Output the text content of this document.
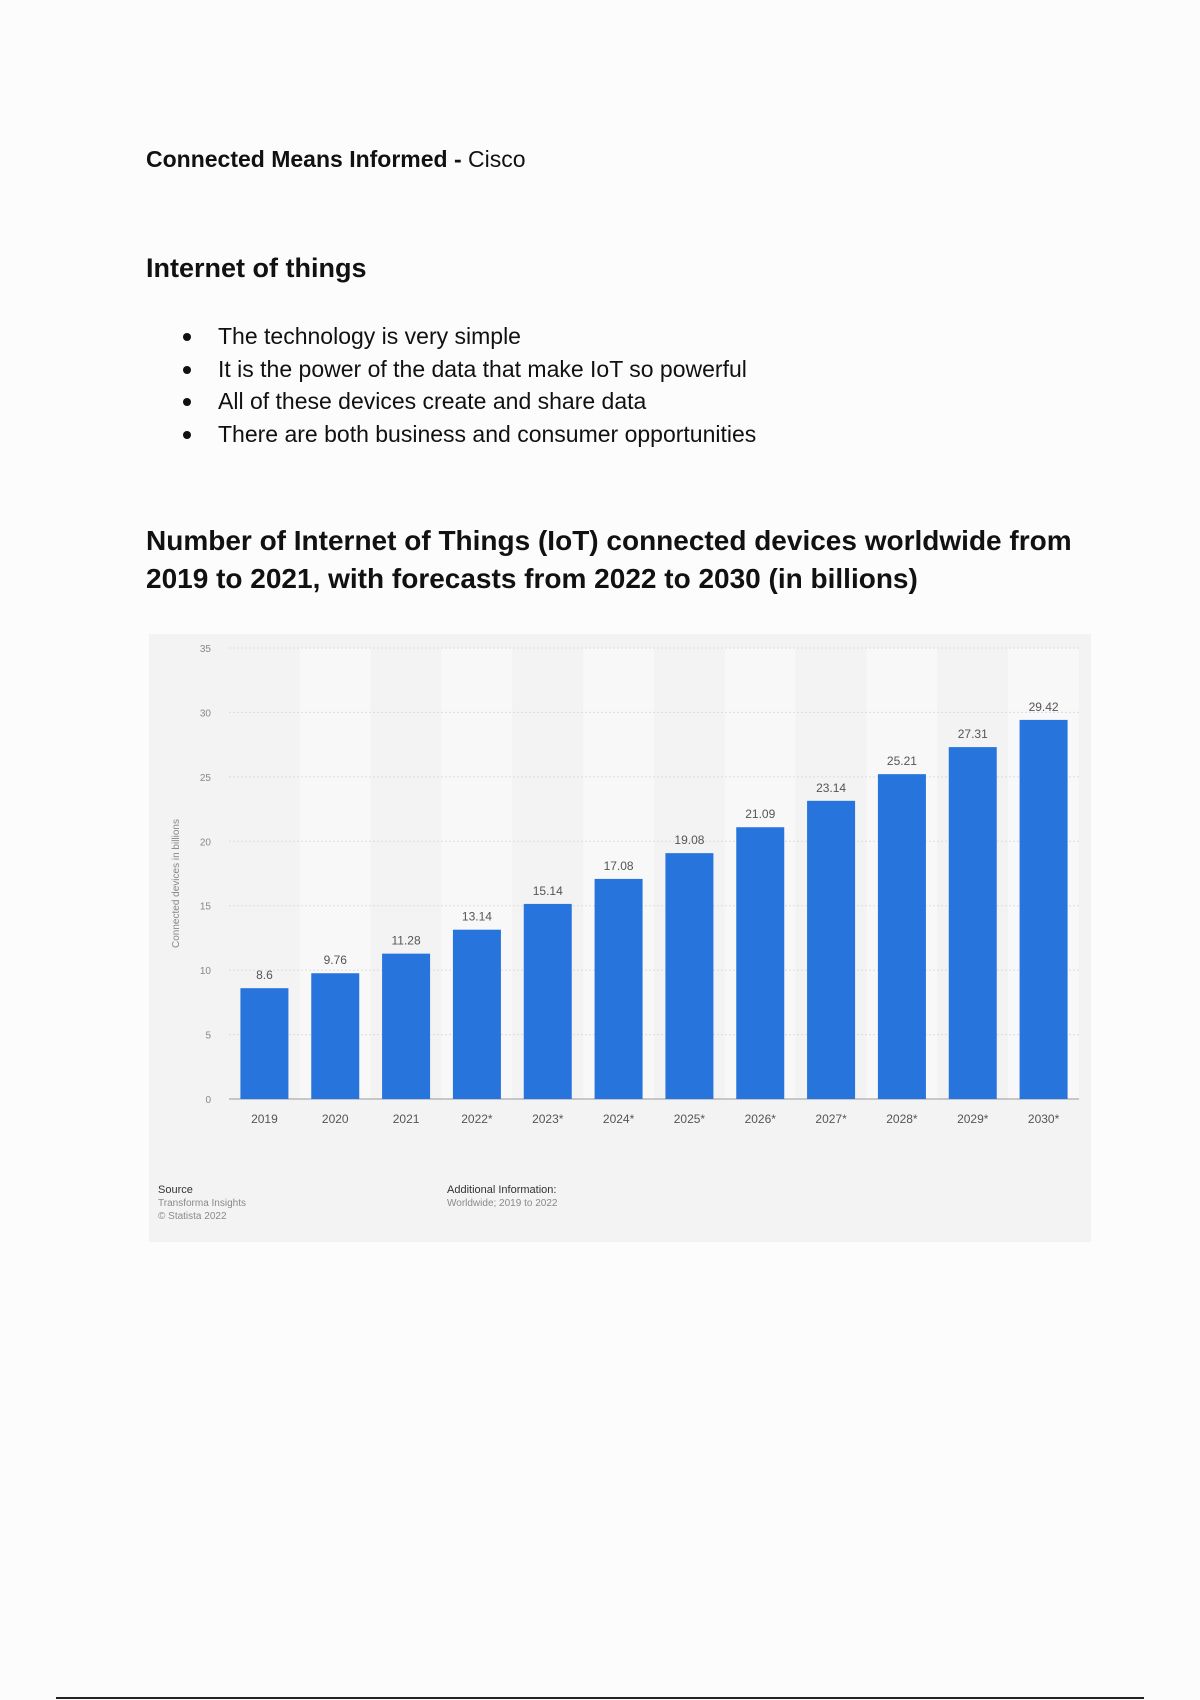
Connected Means Informed - Cisco
Internet of things
The technology is very simple
It is the power of the data that make IoT so powerful
All of these devices create and share data
There are both business and consumer opportunities
Number of Internet of Things (IoT) connected devices worldwide from 2019 to 2021, with forecasts from 2022 to 2030 (in billions)
0
5
10
15
20
25
30
35
Connected devices in billions
8.6
2019
9.76
2020
11.28
2021
13.14
2022*
15.14
2023*
17.08
2024*
19.08
2025*
21.09
2026*
23.14
2027*
25.21
2028*
27.31
2029*
29.42
2030*
Source
Transforma Insights
© Statista 2022
Additional Information:
Worldwide; 2019 to 2022
